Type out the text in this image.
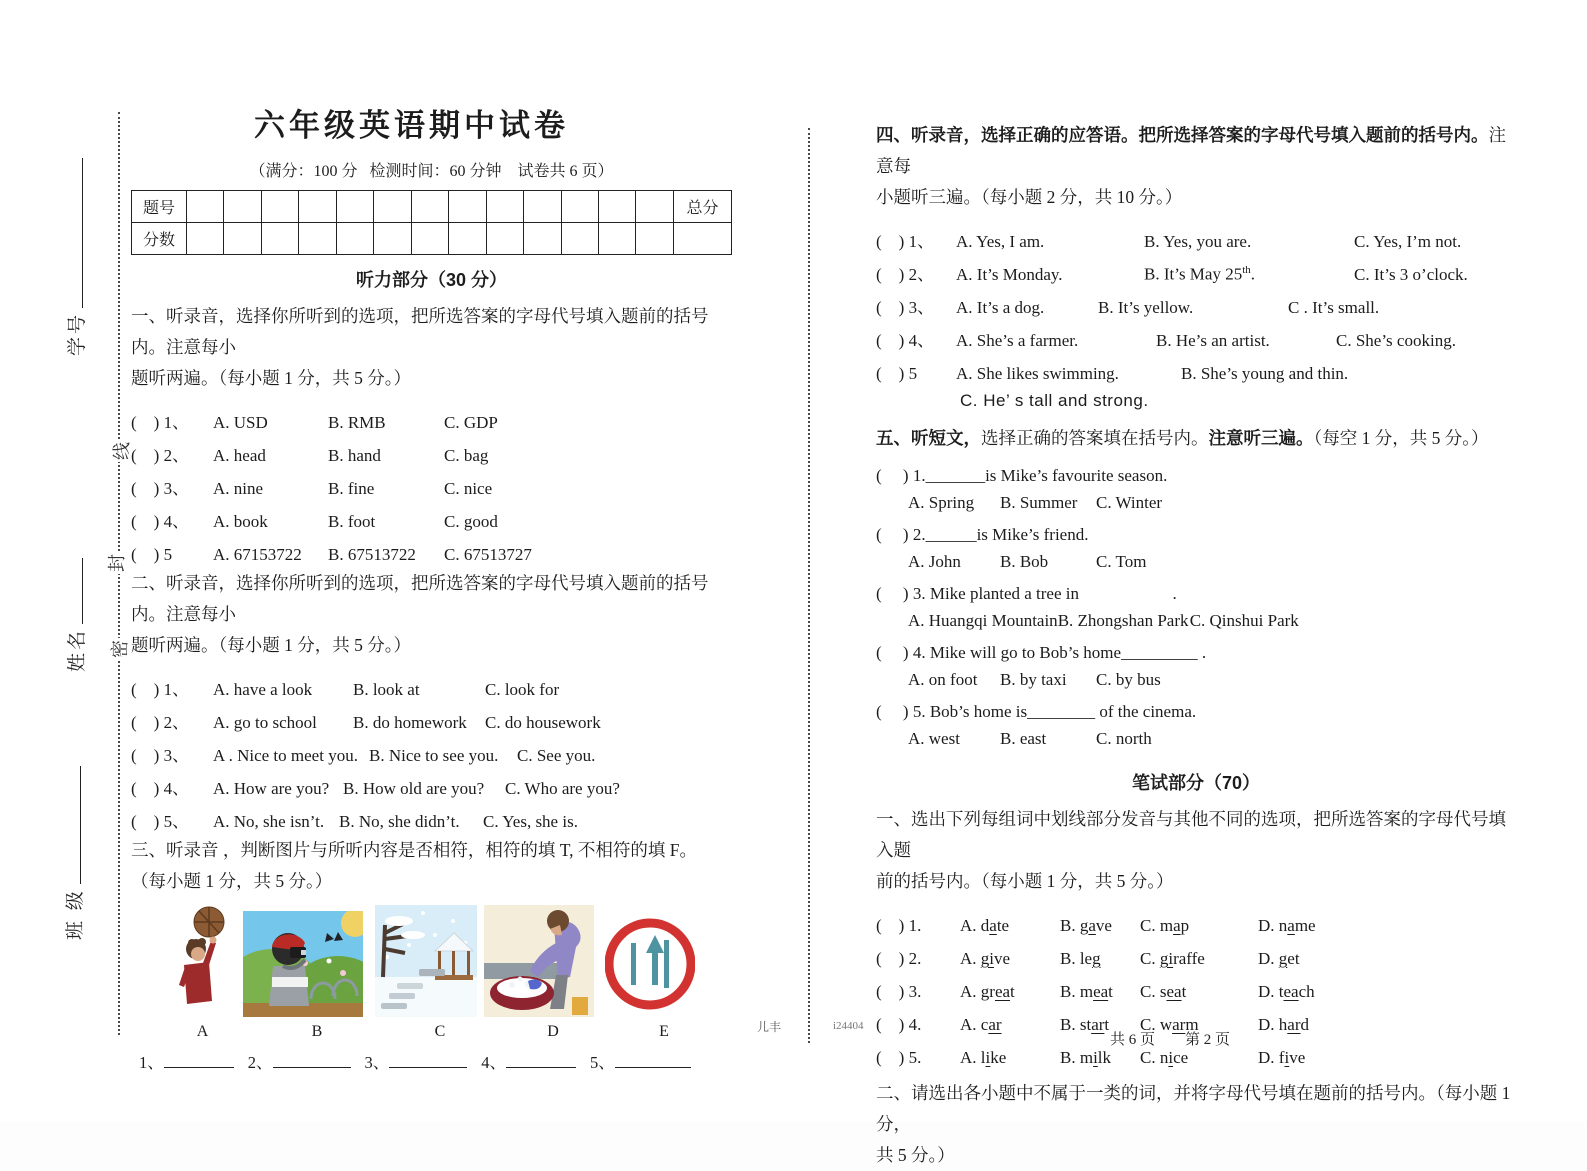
学号
姓名
班 级
线
封
密
六年级英语期中试卷
（满分：100 分   检测时间：60 分钟    试卷共 6 页）
题号														总分
分数														
听力部分（30 分）
一、听录音，选择你所听到的选项，把所选答案的字母代号填入题前的括号内。注意每小
题听两遍。（每小题 1 分，共 5 分。）
(　) 1、	A. USD	B. RMB	C. GDP
(　) 2、	A. head	B. hand	C. bag
(　) 3、	A. nine	B. fine	C. nice
(　) 4、	A. book	B. foot	C. good
(　) 5	A. 67153722	B. 67513722	C. 67513727
二、听录音，选择你所听到的选项，把所选答案的字母代号填入题前的括号内。注意每小
题听两遍。（每小题 1 分，共 5 分。）
(　) 1、	A. have a look	B. look at	C. look for
(　) 2、	A. go to school	B. do homework	C. do housework
(　) 3、	A . Nice to meet you. B. Nice to see you.	C. See you.
(　) 4、	A. How are you? B. How old are you?	C. Who are you?
(　) 5、	A. No, she isn’t. B. No, she didn’t.	C. Yes, she is.
三、听录音 ，判断图片与所听内容是否相符，相符的填 T, 不相符的填 F。
（每小题 1 分，共 5 分。）
A	B	C	D	E
1、	2、	3、	4、	5、
儿丰	i24404
四、听录音，选择正确的应答语。把所选择答案的字母代号填入题前的括号内。注意每
小题听三遍。（每小题 2 分，共 10 分。）
(　) 1、	A. Yes, I am.	B. Yes, you are.	C. Yes, I’m not.
(　) 2、	A. It’s Monday.	B. It’s May 25th.	C. It’s 3 o’clock.
(　) 3、	A. It’s a dog.	B. It’s yellow.	C . It’s small.
(　) 4、	A. She’s a farmer.	B. He’s an artist.	C. She’s cooking.
(　) 5	A. She likes swimming.	B. She’s young and thin.
C. He’ s tall and strong.
五、听短文，选择正确的答案填在括号内。注意听三遍。（每空 1 分，共 5 分。）
(　 ) 1._______is Mike’s favourite season.
A. Spring	B. Summer	C. Winter
(　 ) 2.______is Mike’s friend.
A. John	B. Bob	C. Tom
(　 ) 3. Mike planted a tree in                      .
A. Huangqi Mountain B. Zhongshan Park C. Qinshui Park
(　 ) 4. Mike will go to Bob’s home_________ .
A. on foot	B. by taxi	C. by bus
(　 ) 5. Bob’s home is________ of the cinema.
A. west	B. east	C. north
笔试部分（70）
一、选出下列每组词中划线部分发音与其他不同的选项，把所选答案的字母代号填入题
前的括号内。（每小题 1 分，共 5 分。）
(　) 1.	A. date	B. gave	C. map	D. name
(　) 2.	A. give	B. leg	C. giraffe	D. get
(　) 3.	A. great	B. meat	C. seat	D. teach
(　) 4.	A. car	B. start	C. warm	D. hard
(　) 5.	A. like	B. milk	C. nice	D. five
二、请选出各小题中不属于一类的词，并将字母代号填在题前的括号内。（每小题 1 分，
共 5 分。）
共 6 页　　第 2 页
